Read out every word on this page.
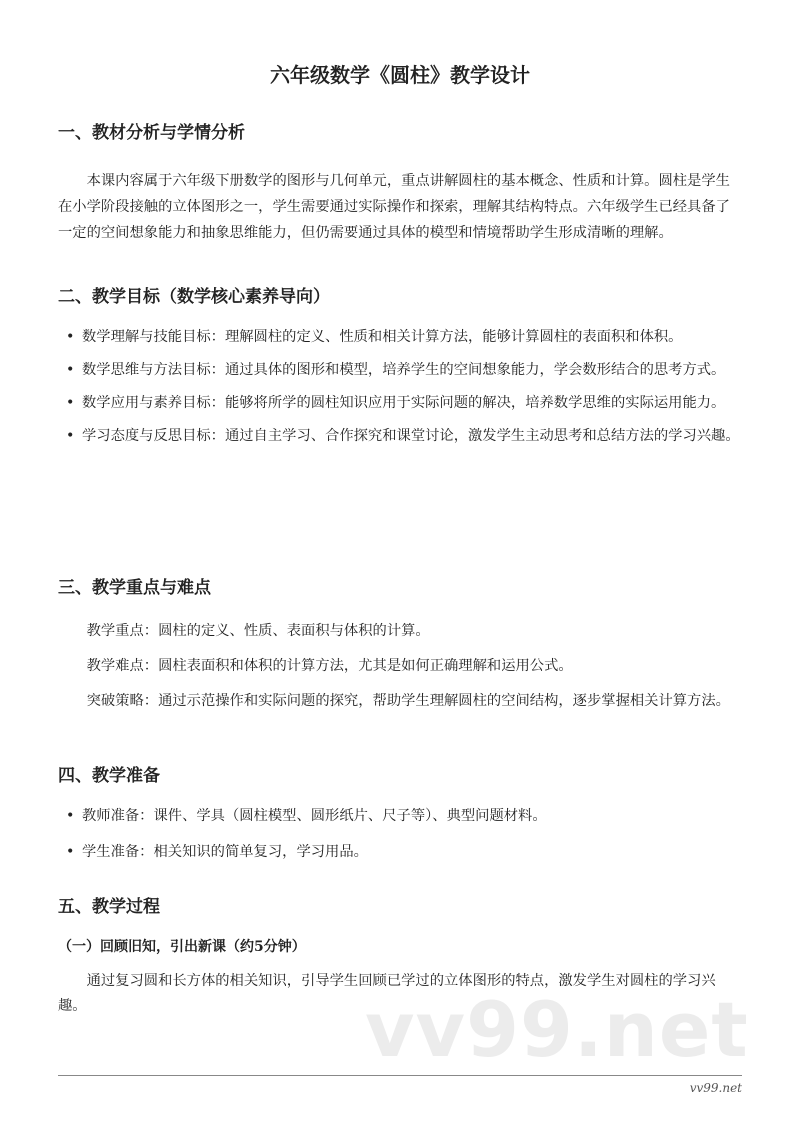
vv99.net
六年级数学《圆柱》教学设计
一、教材分析与学情分析

本课内容属于六年级下册数学的图形与几何单元，重点讲解圆柱的基本概念、性质和计算。圆柱是学生在小学阶段接触的立体图形之一，学生需要通过实际操作和探索，理解其结构特点。六年级学生已经具备了一定的空间想象能力和抽象思维能力，但仍需要通过具体的模型和情境帮助学生形成清晰的理解。

二、教学目标（数学核心素养导向）
• 数学理解与技能目标：理解圆柱的定义、性质和相关计算方法，能够计算圆柱的表面积和体积。
• 数学思维与方法目标：通过具体的图形和模型，培养学生的空间想象能力，学会数形结合的思考方式。
• 数学应用与素养目标：能够将所学的圆柱知识应用于实际问题的解决，培养数学思维的实际运用能力。
• 学习态度与反思目标：通过自主学习、合作探究和课堂讨论，激发学生主动思考和总结方法的学习兴趣。
三、教学重点与难点

教学重点：圆柱的定义、性质、表面积与体积的计算。

教学难点：圆柱表面积和体积的计算方法，尤其是如何正确理解和运用公式。

突破策略：通过示范操作和实际问题的探究，帮助学生理解圆柱的空间结构，逐步掌握相关计算方法。

四、教学准备
• 教师准备：课件、学具（圆柱模型、圆形纸片、尺子等）、典型问题材料。
• 学生准备：相关知识的简单复习，学习用品。
五、教学过程
（一）回顾旧知，引出新课（约5分钟）

通过复习圆和长方体的相关知识，引导学生回顾已学过的立体图形的特点，激发学生对圆柱的学习兴趣。

vv99.net
